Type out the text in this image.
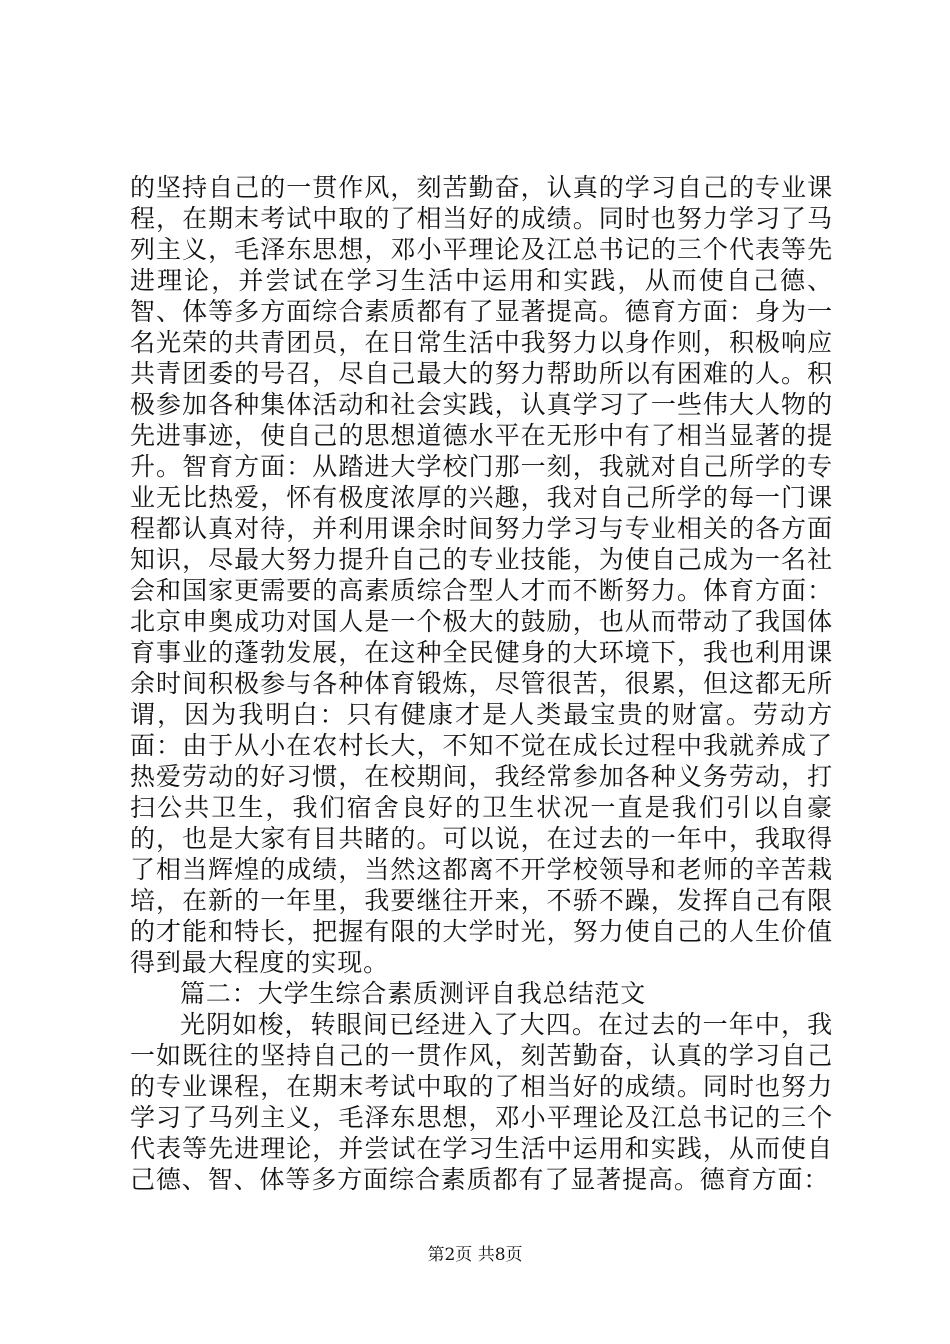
的坚持自己的一贯作风，刻苦勤奋，认真的学习自己的专业课程，在期末考试中取的了相当好的成绩。同时也努力学习了马列主义，毛泽东思想，邓小平理论及江总书记的三个代表等先进理论，并尝试在学习生活中运用和实践，从而使自己德、智、体等多方面综合素质都有了显著提高。德育方面：身为一名光荣的共青团员，在日常生活中我努力以身作则，积极响应共青团委的号召，尽自己最大的努力帮助所以有困难的人。积极参加各种集体活动和社会实践，认真学习了一些伟大人物的先进事迹，使自己的思想道德水平在无形中有了相当显著的提升。智育方面：从踏进大学校门那一刻，我就对自己所学的专业无比热爱，怀有极度浓厚的兴趣，我对自己所学的每一门课程都认真对待，并利用课余时间努力学习与专业相关的各方面知识，尽最大努力提升自己的专业技能，为使自己成为一名社会和国家更需要的高素质综合型人才而不断努力。体育方面：北京申奥成功对国人是一个极大的鼓励，也从而带动了我国体育事业的蓬勃发展，在这种全民健身的大环境下，我也利用课余时间积极参与各种体育锻炼，尽管很苦，很累，但这都无所谓，因为我明白：只有健康才是人类最宝贵的财富。劳动方面：由于从小在农村长大，不知不觉在成长过程中我就养成了热爱劳动的好习惯，在校期间，我经常参加各种义务劳动，打扫公共卫生，我们宿舍良好的卫生状况一直是我们引以自豪的，也是大家有目共睹的。可以说，在过去的一年中，我取得了相当辉煌的成绩，当然这都离不开学校领导和老师的辛苦栽培，在新的一年里，我要继往开来，不骄不躁，发挥自己有限的才能和特长，把握有限的大学时光，努力使自己的人生价值得到最大程度的实现。

篇二：大学生综合素质测评自我总结范文

光阴如梭，转眼间已经进入了大四。在过去的一年中，我一如既往的坚持自己的一贯作风，刻苦勤奋，认真的学习自己的专业课程，在期末考试中取的了相当好的成绩。同时也努力学习了马列主义，毛泽东思想，邓小平理论及江总书记的三个代表等先进理论，并尝试在学习生活中运用和实践，从而使自己德、智、体等多方面综合素质都有了显著提高。德育方面：

第2页 共8页
